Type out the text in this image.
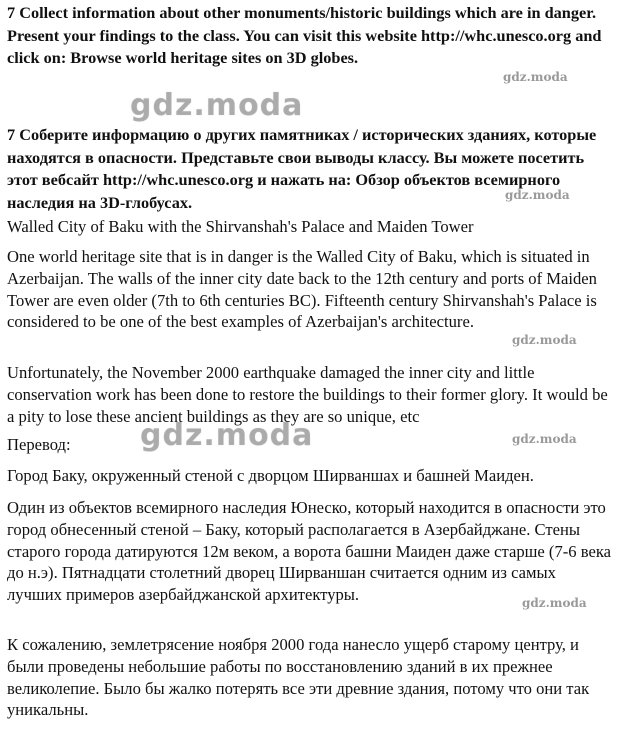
7 Collect information about other monuments/historic buildings which are in danger. Present your findings to the class. You can visit this website http://whc.unesco.org and click on: Browse world heritage sites on 3D globes.

gdz.moda
gdz.moda

7 Соберите информацию о других памятниках / исторических зданиях, которые находятся в опасности. Представьте свои выводы классу. Вы можете посетить этот вебсайт http://whc.unesco.org и нажать на: Обзор объектов всемирного наследия на 3D-глобусах.	gdz.moda

Walled City of Baku with the Shirvanshah's Palace and Maiden Tower

One world heritage site that is in danger is the Walled City of Baku, which is situated in Azerbaijan. The walls of the inner city date back to the 12th century and ports of Maiden Tower are even older (7th to 6th centuries BC). Fifteenth century Shirvanshah's Palace is considered to be one of the best examples of Azerbaijan's architecture.

gdz.moda

Unfortunately, the November 2000 earthquake damaged the inner city and little conservation work has been done to restore the buildings to their former glory. It would be a pity to lose these ancient buildings as they are so unique, etc

Перевод:	gdz.moda	gdz.moda

Город Баку, окруженный стеной с дворцом Ширваншах и башней Маиден.

Один из объектов всемирного наследия Юнеско, который находится в опасности это город обнесенный стеной – Баку, который располагается в Азербайджане. Стены старого города датируются 12м веком, а ворота башни Маиден даже старше (7-6 века до н.э). Пятнадцати столетний дворец Ширваншан считается одним из самых лучших примеров азербайджанской архитектуры.	gdz.moda

К сожалению, землетрясение ноября 2000 года нанесло ущерб старому центру, и были проведены небольшие работы по восстановлению зданий в их прежнее великолепие. Было бы жалко потерять все эти древние здания, потому что они так уникальны.
